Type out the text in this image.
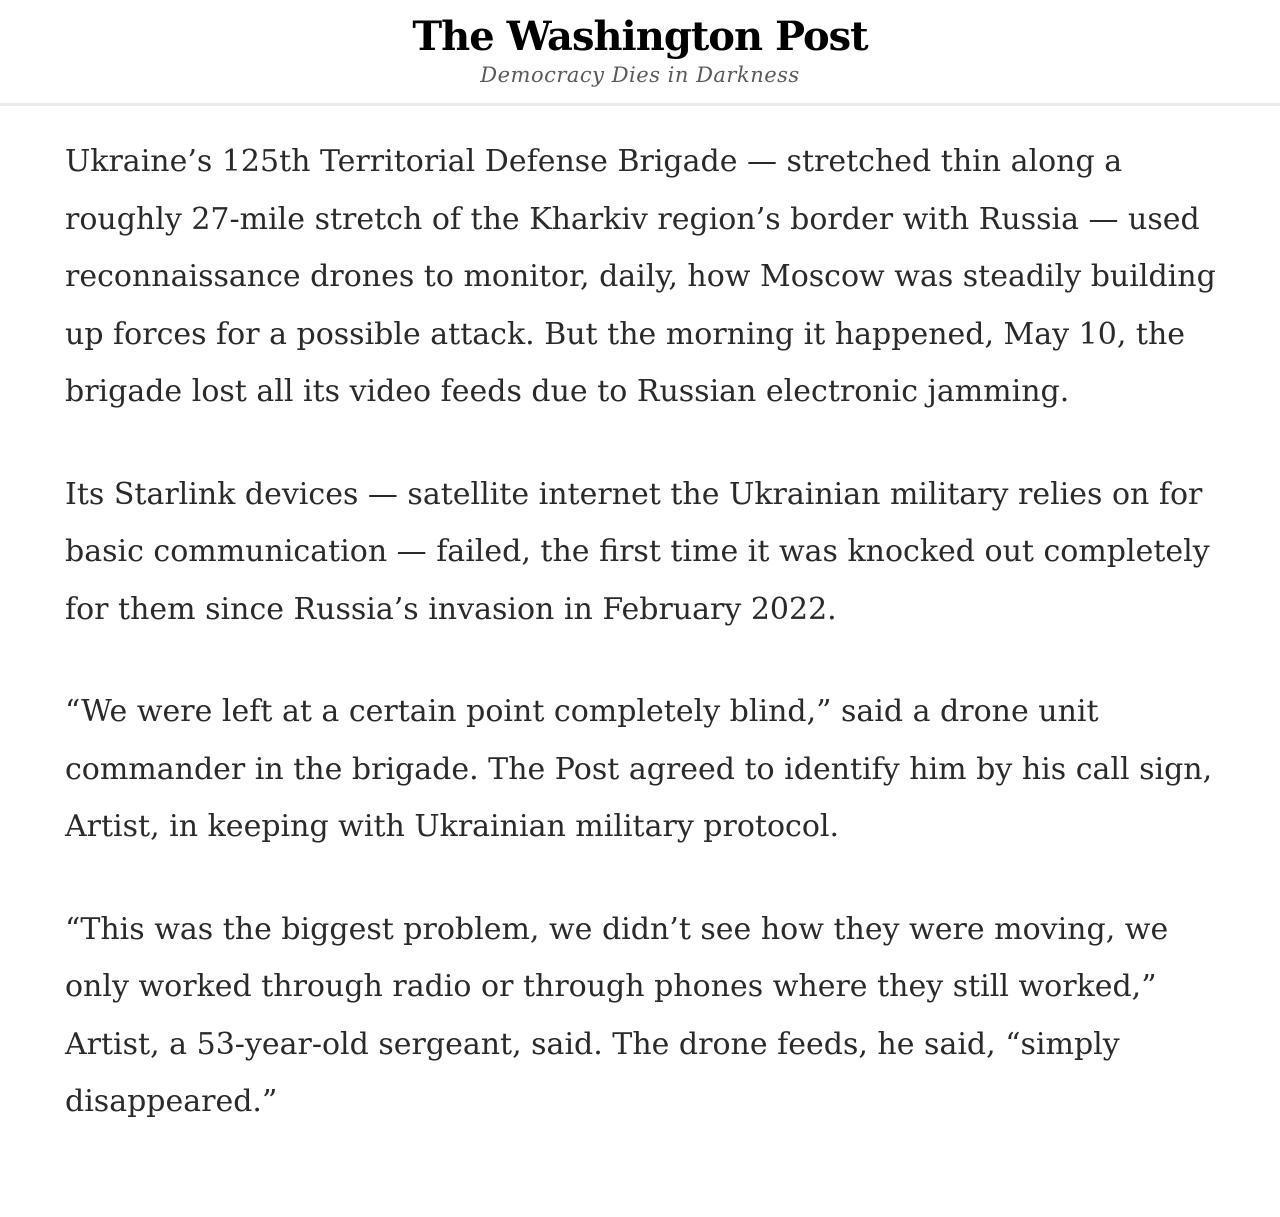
The Washington Post
Democracy Dies in Darkness

Ukraine’s 125th Territorial Defense Brigade — stretched thin along a roughly 27-mile stretch of the Kharkiv region’s border with Russia — used reconnaissance drones to monitor, daily, how Moscow was steadily building up forces for a possible attack. But the morning it happened, May 10, the brigade lost all its video feeds due to Russian electronic jamming.

Its Starlink devices — satellite internet the Ukrainian military relies on for basic communication — failed, the first time it was knocked out completely for them since Russia’s invasion in February 2022.

“We were left at a certain point completely blind,” said a drone unit commander in the brigade. The Post agreed to identify him by his call sign, Artist, in keeping with Ukrainian military protocol.

“This was the biggest problem, we didn’t see how they were moving, we only worked through radio or through phones where they still worked,” Artist, a 53-year-old sergeant, said. The drone feeds, he said, “simply disappeared.”
